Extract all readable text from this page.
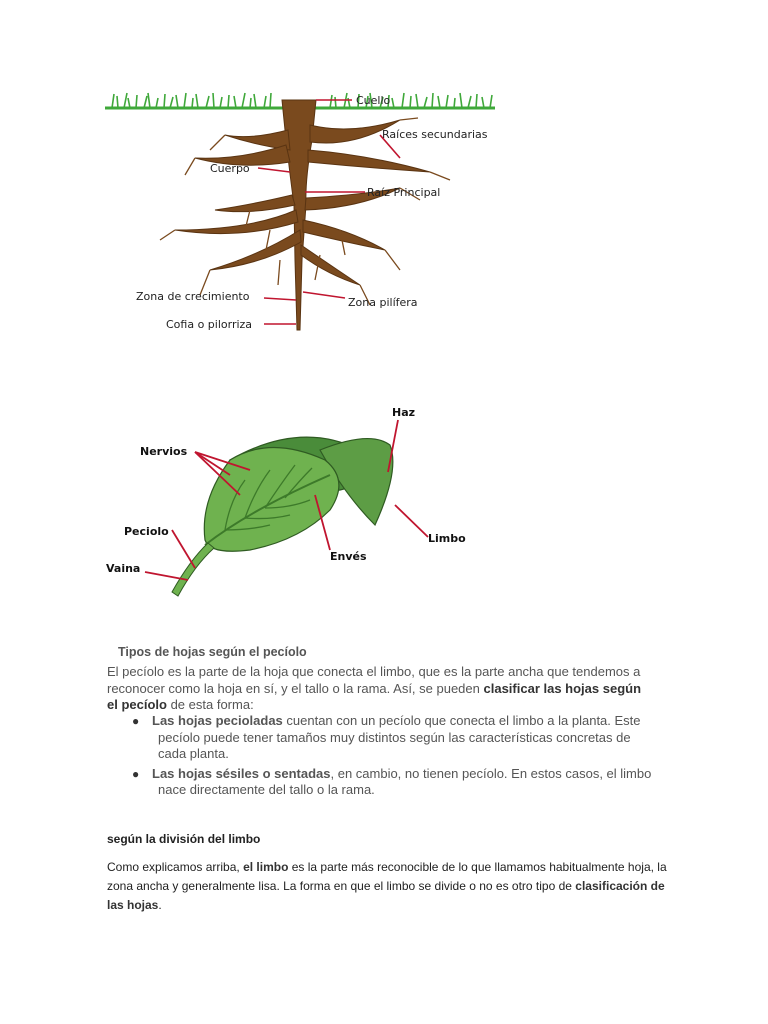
Cuello
Raíces secundarias
Cuerpo
Raíz Principal
Zona de crecimiento	Zona pilífera
Cofia o pilorriza
Haz
Nervios
Peciolo
Vaina
Limbo
Envés
Tipos de hojas según el pecíolo

El pecíolo es la parte de la hoja que conecta el limbo, que es la parte ancha que tendemos a reconocer como la hoja en sí, y el tallo o la rama. Así, se pueden clasificar las hojas según el pecíolo de esta forma:

● Las hojas pecioladas cuentan con un pecíolo que conecta el limbo a la planta. Este
pecíolo puede tener tamaños muy distintos según las características concretas de cada planta.
● Las hojas sésiles o sentadas, en cambio, no tienen pecíolo. En estos casos, el limbo
nace directamente del tallo o la rama.
según la división del limbo

Como explicamos arriba, el limbo es la parte más reconocible de lo que llamamos habitualmente hoja, la zona ancha y generalmente lisa. La forma en que el limbo se divide o no es otro tipo de clasificación de las hojas.
